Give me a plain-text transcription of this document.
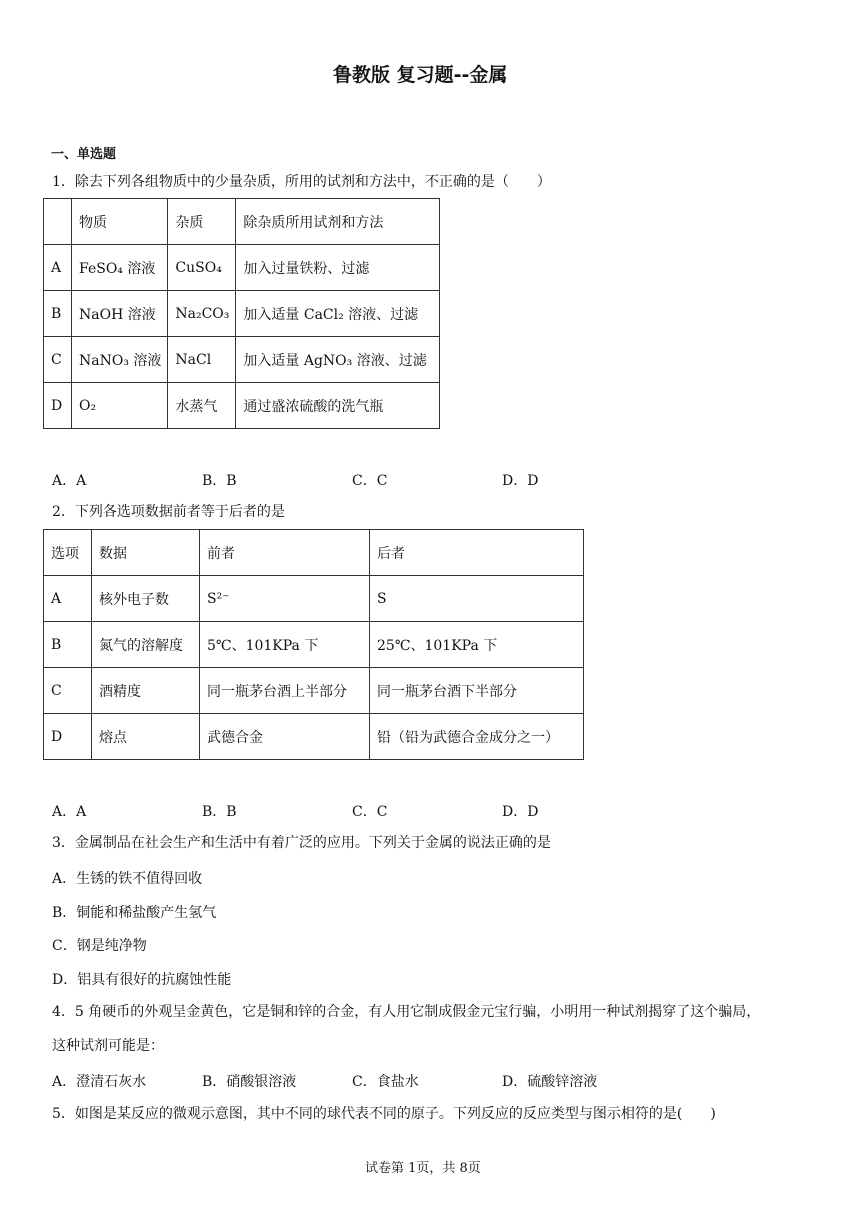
鲁教版 复习题--金属
一、单选题
1．除去下列各组物质中的少量杂质，所用的试剂和方法中，不正确的是（　　）
	物质	杂质	除杂质所用试剂和方法
A	FeSO₄ 溶液	CuSO₄	加入过量铁粉、过滤
B	NaOH 溶液	Na₂CO₃	加入适量 CaCl₂ 溶液、过滤
C	NaNO₃ 溶液	NaCl	加入适量 AgNO₃ 溶液、过滤
D	O₂	水蒸气	通过盛浓硫酸的洗气瓶
A．A	B．B	C．C	D．D
2．下列各选项数据前者等于后者的是
选项	数据	前者	后者
A	核外电子数	S²⁻	S
B	氮气的溶解度	5℃、101KPa 下	25℃、101KPa 下
C	酒精度	同一瓶茅台酒上半部分	同一瓶茅台酒下半部分
D	熔点	武德合金	铅（铅为武德合金成分之一）
A．A	B．B	C．C	D．D
3．金属制品在社会生产和生活中有着广泛的应用。下列关于金属的说法正确的是
A．生锈的铁不值得回收
B．铜能和稀盐酸产生氢气
C．钢是纯净物
D．铝具有很好的抗腐蚀性能
4．5 角硬币的外观呈金黄色，它是铜和锌的合金，有人用它制成假金元宝行骗，小明用一种试剂揭穿了这个骗局，
这种试剂可能是：
A．澄清石灰水	B．硝酸银溶液	C．食盐水	D．硫酸锌溶液
5．如图是某反应的微观示意图，其中不同的球代表不同的原子。下列反应的反应类型与图示相符的是(　　)
试卷第 1页，共 8页
